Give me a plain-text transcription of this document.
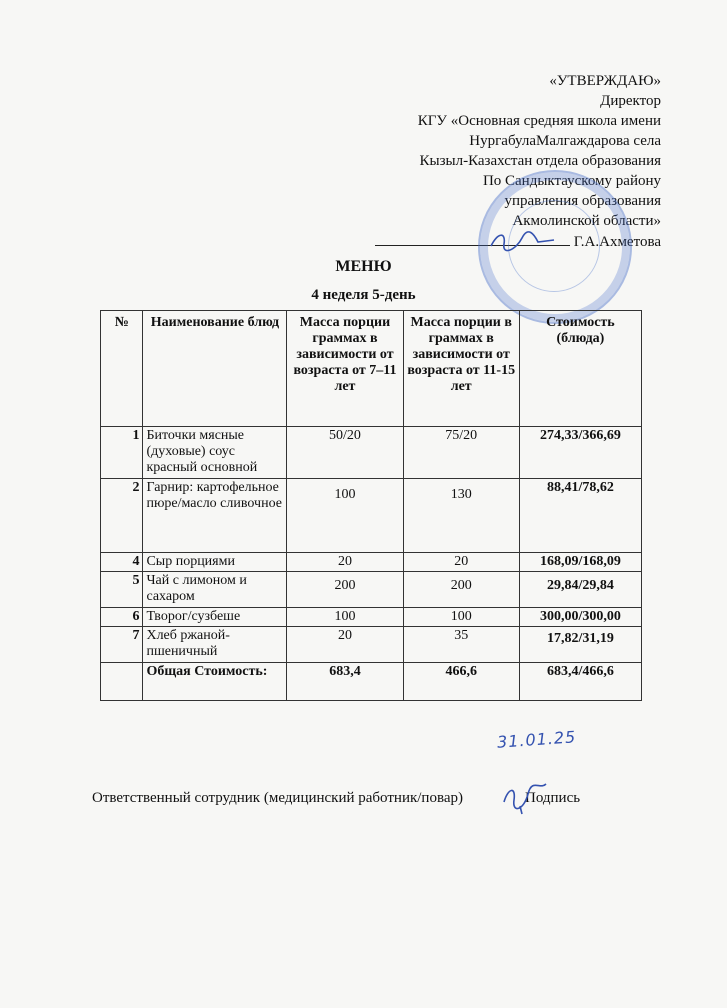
«УТВЕРЖДАЮ»
Директор
КГУ «Основная средняя школа имени
НургабулаМалгаждарова села
Кызыл-Казахстан отдела образования
По Сандыктаускому району
управления образования
Акмолинской области»
Г.А.Ахметова
МЕНЮ
4 неделя 5-день
№	Наименование блюд	Масса порции граммах в зависимости от возраста от 7–11 лет	Масса порции в граммах в зависимости от возраста от 11-15 лет	Стоимость (блюда)
1	Биточки мясные (духовые) соус красный основной	50/20	75/20	274,33/366,69
2	Гарнир: картофельное пюре/масло сливочное	100	130	88,41/78,62
4	Сыр порциями	20	20	168,09/168,09
5	Чай с лимоном и сахаром	200	200	29,84/29,84
6	Творог/сузбеше	100	100	300,00/300,00
7	Хлеб ржаной-пшеничный	20	35	17,82/31,19
	Общая Стоимость:	683,4	466,6	683,4/466,6
31.01.25
Ответственный сотрудник (медицинский работник/повар)	Подпись
